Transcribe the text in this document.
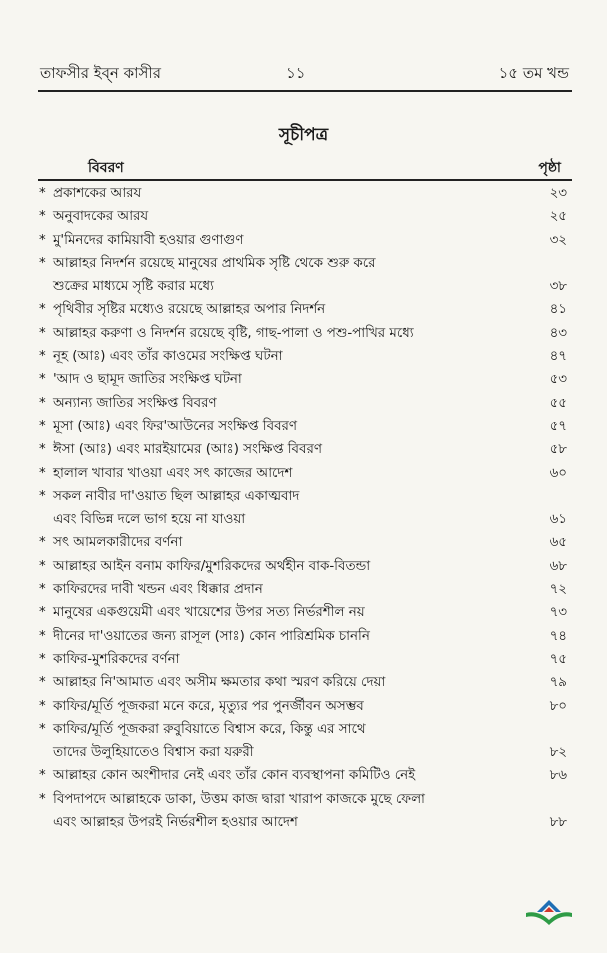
তাফসীর ইব্‌ন কাসীর	১১	১৫ তম খন্ড
সূচীপত্র
বিবরণ	পৃষ্ঠা
* প্রকাশকের আরয	২৩
* অনুবাদকের আরয	২৫
* মু'মিনদের কামিয়াবী হওয়ার গুণাগুণ	৩২
* আল্লাহর নিদর্শন রয়েছে মানুষের প্রাথমিক সৃষ্টি থেকে শুরু করে
শুক্রের মাধ্যমে সৃষ্টি করার মধ্যে	৩৮
* পৃথিবীর সৃষ্টির মধ্যেও রয়েছে আল্লাহর অপার নিদর্শন	৪১
* আল্লাহর করুণা ও নিদর্শন রয়েছে বৃষ্টি, গাছ-পালা ও পশু-পাখির মধ্যে	৪৩
* নূহ (আঃ) এবং তাঁর কাওমের সংক্ষিপ্ত ঘটনা	৪৭
* 'আদ ও ছামূদ জাতির সংক্ষিপ্ত ঘটনা	৫৩
* অন্যান্য জাতির সংক্ষিপ্ত বিবরণ	৫৫
* মূসা (আঃ) এবং ফির'আউনের সংক্ষিপ্ত বিবরণ	৫৭
* ঈসা (আঃ) এবং মারইয়ামের (আঃ) সংক্ষিপ্ত বিবরণ	৫৮
* হালাল খাবার খাওয়া এবং সৎ কাজের আদেশ	৬০
* সকল নাবীর দা'ওয়াত ছিল আল্লাহর একাত্মবাদ
এবং বিভিন্ন দলে ভাগ হয়ে না যাওয়া	৬১
* সৎ আমলকারীদের বর্ণনা	৬৫
* আল্লাহর আইন বনাম কাফির/মুশরিকদের অর্থহীন বাক-বিতন্ডা	৬৮
* কাফিরদের দাবী খন্ডন এবং ধিক্কার প্রদান	৭২
* মানুষের একগুয়েমী এবং খায়েশের উপর সত্য নির্ভরশীল নয়	৭৩
* দীনের দা'ওয়াতের জন্য রাসূল (সাঃ) কোন পারিশ্রমিক চাননি	৭৪
* কাফির-মুশরিকদের বর্ণনা	৭৫
* আল্লাহর নি'আমাত এবং অসীম ক্ষমতার কথা স্মরণ করিয়ে দেয়া	৭৯
* কাফির/মূর্তি পূজকরা মনে করে, মৃত্যুর পর পুনর্জীবন অসম্ভব	৮০
* কাফির/মূর্তি পূজকরা রুবুবিয়াতে বিশ্বাস করে, কিন্তু এর সাথে
তাদের উলুহিয়াতেও বিশ্বাস করা যরুরী	৮২
* আল্লাহর কোন অংশীদার নেই এবং তাঁর কোন ব্যবস্থাপনা কমিটিও নেই	৮৬
* বিপদাপদে আল্লাহকে ডাকা, উত্তম কাজ দ্বারা খারাপ কাজকে মুছে ফেলা
এবং আল্লাহর উপরই নির্ভরশীল হওয়ার আদেশ	৮৮
